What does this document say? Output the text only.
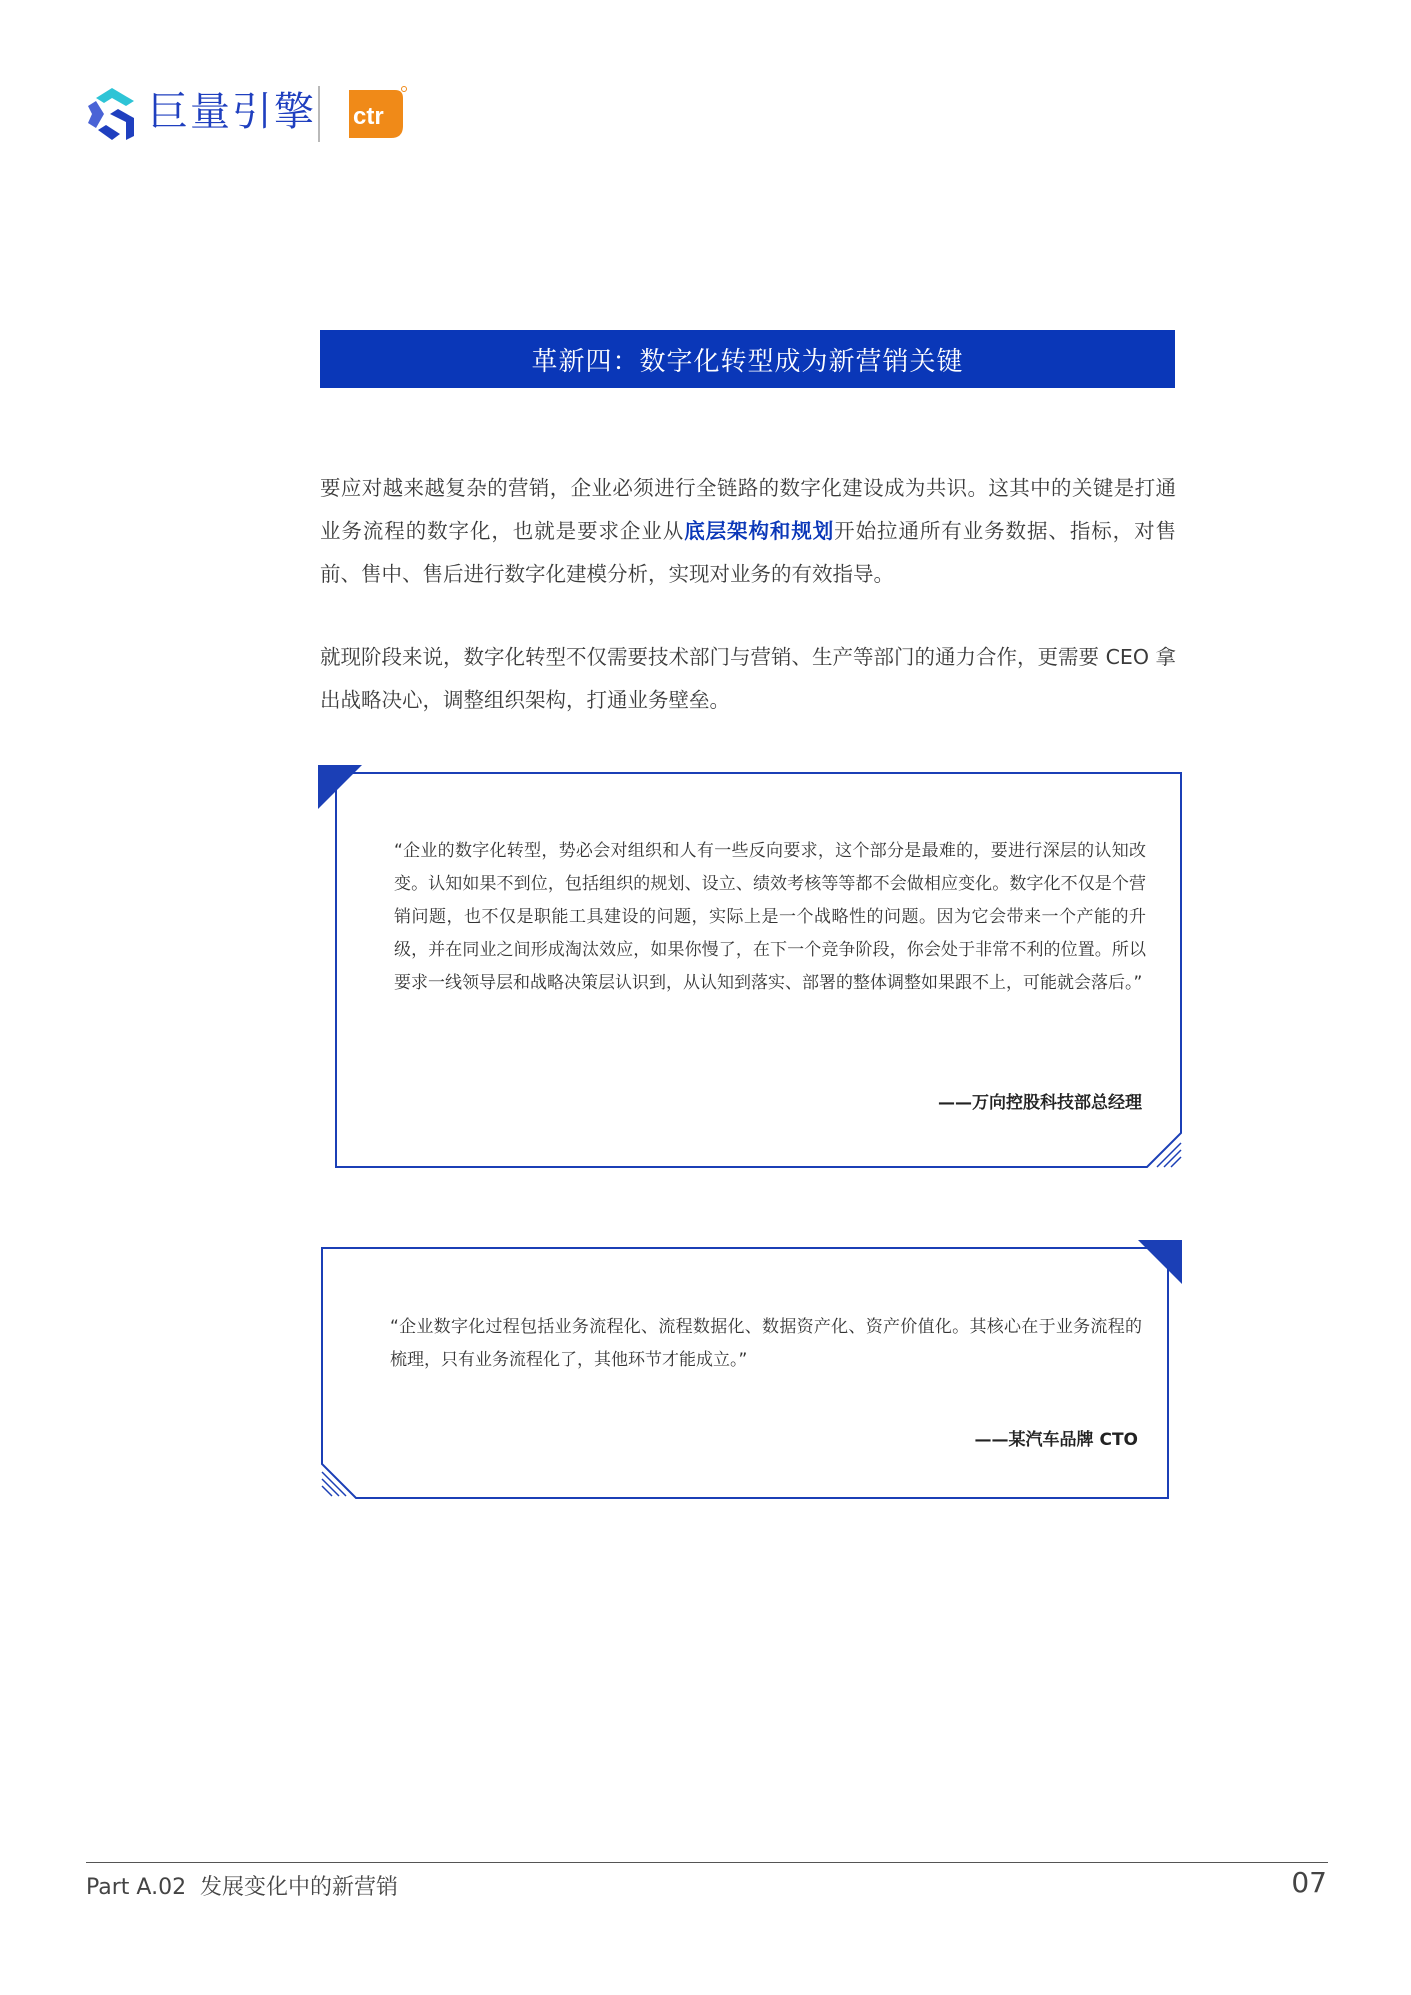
巨量引擎 ctr
革新四：数字化转型成为新营销关键

要应对越来越复杂的营销，企业必须进行全链路的数字化建设成为共识。这其中的关键是打通业务流程的数字化，也就是要求企业从底层架构和规划开始拉通所有业务数据、指标，对售前、售中、售后进行数字化建模分析，实现对业务的有效指导。

就现阶段来说，数字化转型不仅需要技术部门与营销、生产等部门的通力合作，更需要 CEO 拿出战略决心，调整组织架构，打通业务壁垒。

“企业的数字化转型，势必会对组织和人有一些反向要求，这个部分是最难的，要进行深层的认知改变。认知如果不到位，包括组织的规划、设立、绩效考核等等都不会做相应变化。数字化不仅是个营销问题，也不仅是职能工具建设的问题，实际上是一个战略性的问题。因为它会带来一个产能的升级，并在同业之间形成淘汰效应，如果你慢了，在下一个竞争阶段，你会处于非常不利的位置。所以要求一线领导层和战略决策层认识到，从认知到落实、部署的整体调整如果跟不上，可能就会落后。”

——万向控股科技部总经理

“企业数字化过程包括业务流程化、流程数据化、数据资产化、资产价值化。其核心在于业务流程的梳理，只有业务流程化了，其他环节才能成立。”

——某汽车品牌 CTO
Part A.02  发展变化中的新营销	07
